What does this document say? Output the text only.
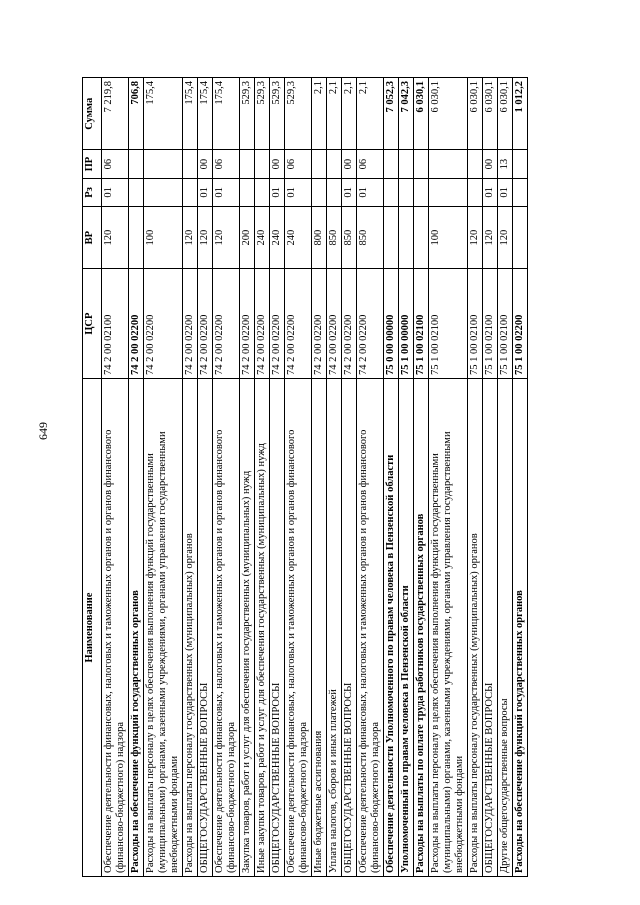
649
Наименование	ЦСР	ВР	Рз	ПР	Сумма
Обеспечение деятельности финансовых, налоговых и таможенных органов и органов финансового (финансово-бюджетного) надзора	74 2 00 02100	120	01	06	7 219,8
Расходы на обеспечение функций государственных органов	74 2 00 02200				706,8
Расходы на выплаты персоналу в целях обеспечения выполнения функций государственными (муниципальными) органами, казенными учреждениями, органами управления государственными внебюджетными фондами	74 2 00 02200	100			175,4
Расходы на выплаты персоналу государственных (муниципальных) органов	74 2 00 02200	120			175,4
ОБЩЕГОСУДАРСТВЕННЫЕ ВОПРОСЫ	74 2 00 02200	120	01	00	175,4
Обеспечение деятельности финансовых, налоговых и таможенных органов и органов финансового (финансово-бюджетного) надзора	74 2 00 02200	120	01	06	175,4
Закупка товаров, работ и услуг для обеспечения государственных (муниципальных) нужд	74 2 00 02200	200			529,3
Иные закупки товаров, работ и услуг для обеспечения государственных (муниципальных) нужд	74 2 00 02200	240			529,3
ОБЩЕГОСУДАРСТВЕННЫЕ ВОПРОСЫ	74 2 00 02200	240	01	00	529,3
Обеспечение деятельности финансовых, налоговых и таможенных органов и органов финансового (финансово-бюджетного) надзора	74 2 00 02200	240	01	06	529,3
Иные бюджетные ассигнования	74 2 00 02200	800			2,1
Уплата налогов, сборов и иных платежей	74 2 00 02200	850			2,1
ОБЩЕГОСУДАРСТВЕННЫЕ ВОПРОСЫ	74 2 00 02200	850	01	00	2,1
Обеспечение деятельности финансовых, налоговых и таможенных органов и органов финансового (финансово-бюджетного) надзора	74 2 00 02200	850	01	06	2,1
Обеспечение деятельности Уполномоченного по правам человека в Пензенской области	75 0 00 00000				7 052,3
Уполномоченный по правам человека в Пензенской области	75 1 00 00000				7 042,3
Расходы на выплаты по оплате труда работников государственных органов	75 1 00 02100				6 030,1
Расходы на выплаты персоналу в целях обеспечения выполнения функций государственными (муниципальными) органами, казенными учреждениями, органами управления государственными внебюджетными фондами	75 1 00 02100	100			6 030,1
Расходы на выплаты персоналу государственных (муниципальных) органов	75 1 00 02100	120			6 030,1
ОБЩЕГОСУДАРСТВЕННЫЕ ВОПРОСЫ	75 1 00 02100	120	01	00	6 030,1
Другие общегосударственные вопросы	75 1 00 02100	120	01	13	6 030,1
Расходы на обеспечение функций государственных органов	75 1 00 02200				1 012,2
